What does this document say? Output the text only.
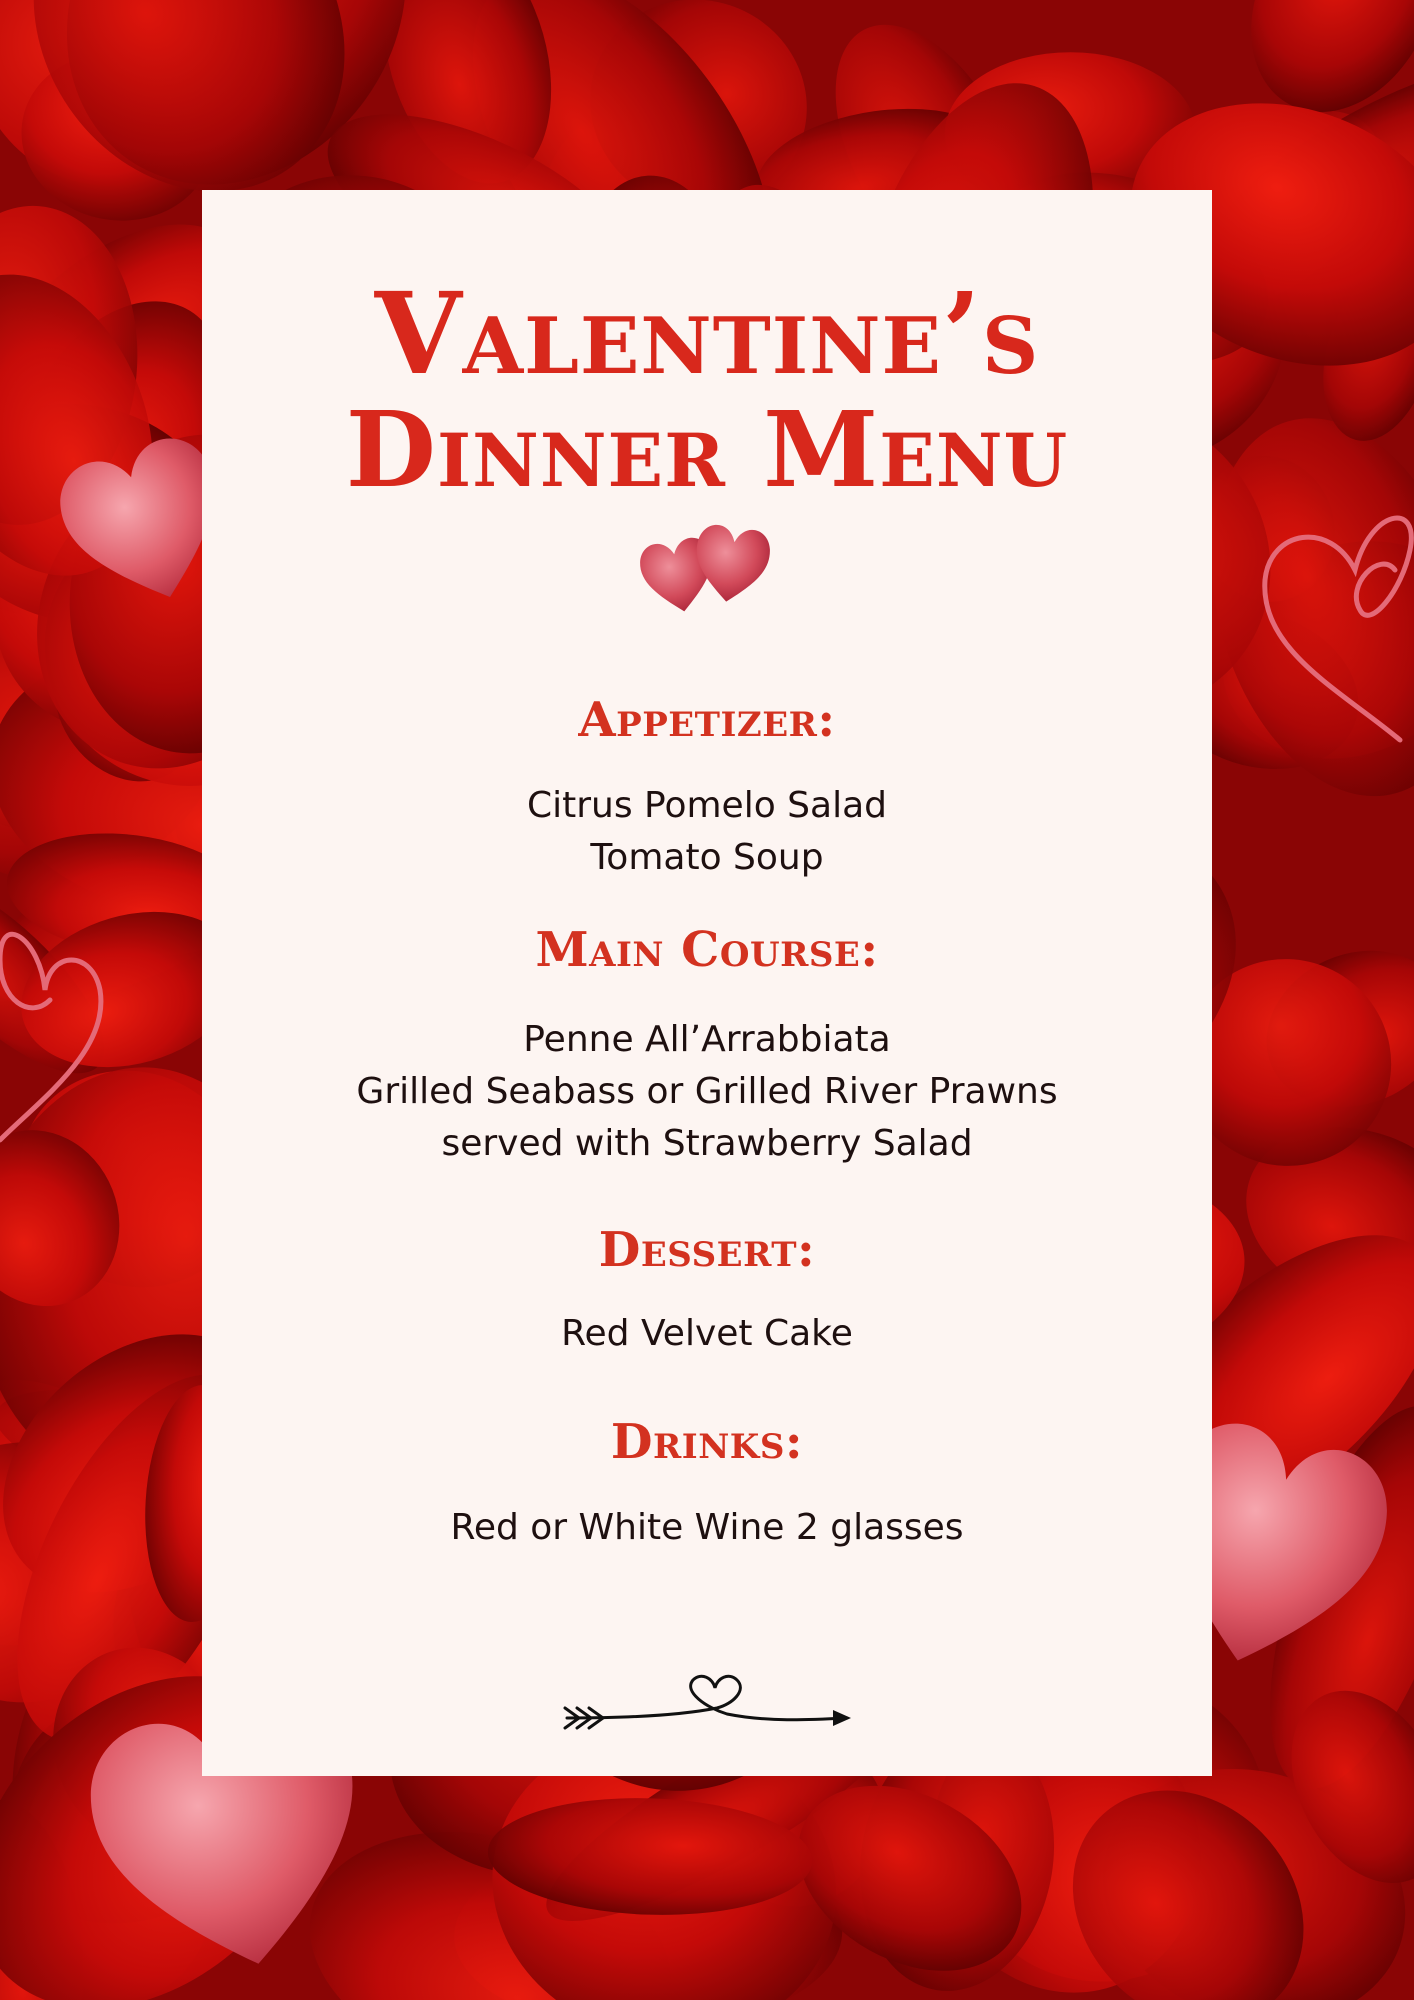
Valentine’s
Dinner Menu
Appetizer:
Citrus Pomelo Salad
Tomato Soup
Main Course:
Penne All’Arrabbiata
Grilled Seabass or Grilled River Prawns
served with Strawberry Salad
Dessert:
Red Velvet Cake
Drinks:
Red or White Wine 2 glasses
